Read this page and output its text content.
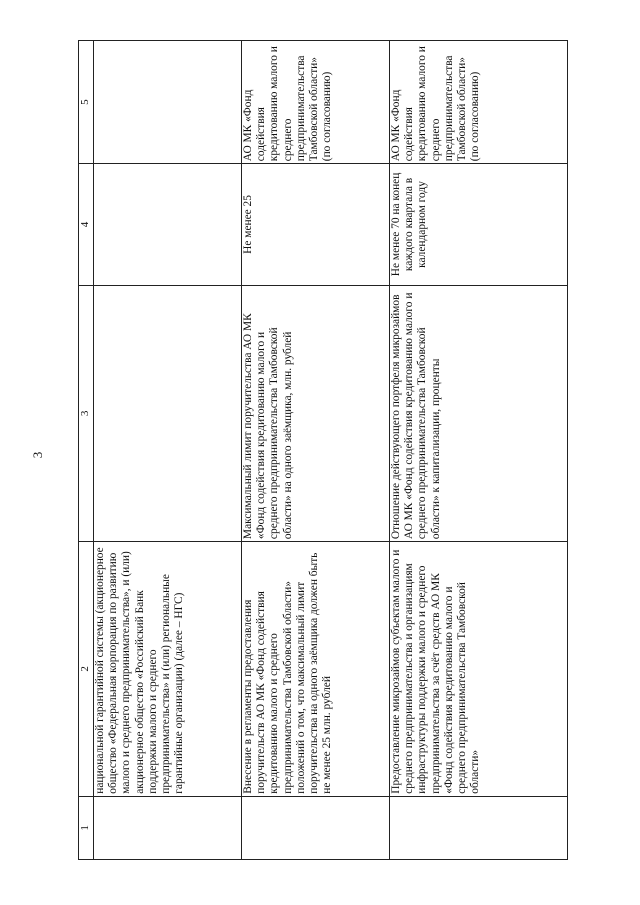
3
1	2	3	4	5
	национальной гарантийной системы (акционерное общество «Федеральная корпорация по развитию малого и среднего предпринимательства», и (или) акционерное общество «Российский Банк поддержки малого и среднего предпринимательства» и (или) региональные гарантийные организации) (далее – НГС)			
	Внесение в регламенты предоставления поручительств АО МК «Фонд содействия кредитованию малого и среднего предпринимательства Тамбовской области» положений о том, что максимальный лимит поручительства на одного заёмщика должен быть не менее 25 млн. рублей	Максимальный лимит поручительства АО МК «Фонд содействия кредитованию малого и среднего предпринимательства Тамбовской области» на одного заёмщика, млн. рублей	Не менее 25	АО МК «Фонд содействия кредитованию малого и среднего предпринимательства Тамбовской области» (по согласованию)
	Предоставление микрозаймов субъектам малого и среднего предпринимательства и организациям инфраструктуры поддержки малого и среднего предпринимательства за счёт средств АО МК «Фонд содействия кредитованию малого и среднего предпринимательства Тамбовской области»	Отношение действующего портфеля микрозаймов АО МК «Фонд содействия кредитованию малого и среднего предпринимательства Тамбовской области» к капитализации, проценты	Не менее 70 на конец каждого квартала в календарном году	АО МК «Фонд содействия кредитованию малого и среднего предпринимательства Тамбовской области» (по согласованию)
